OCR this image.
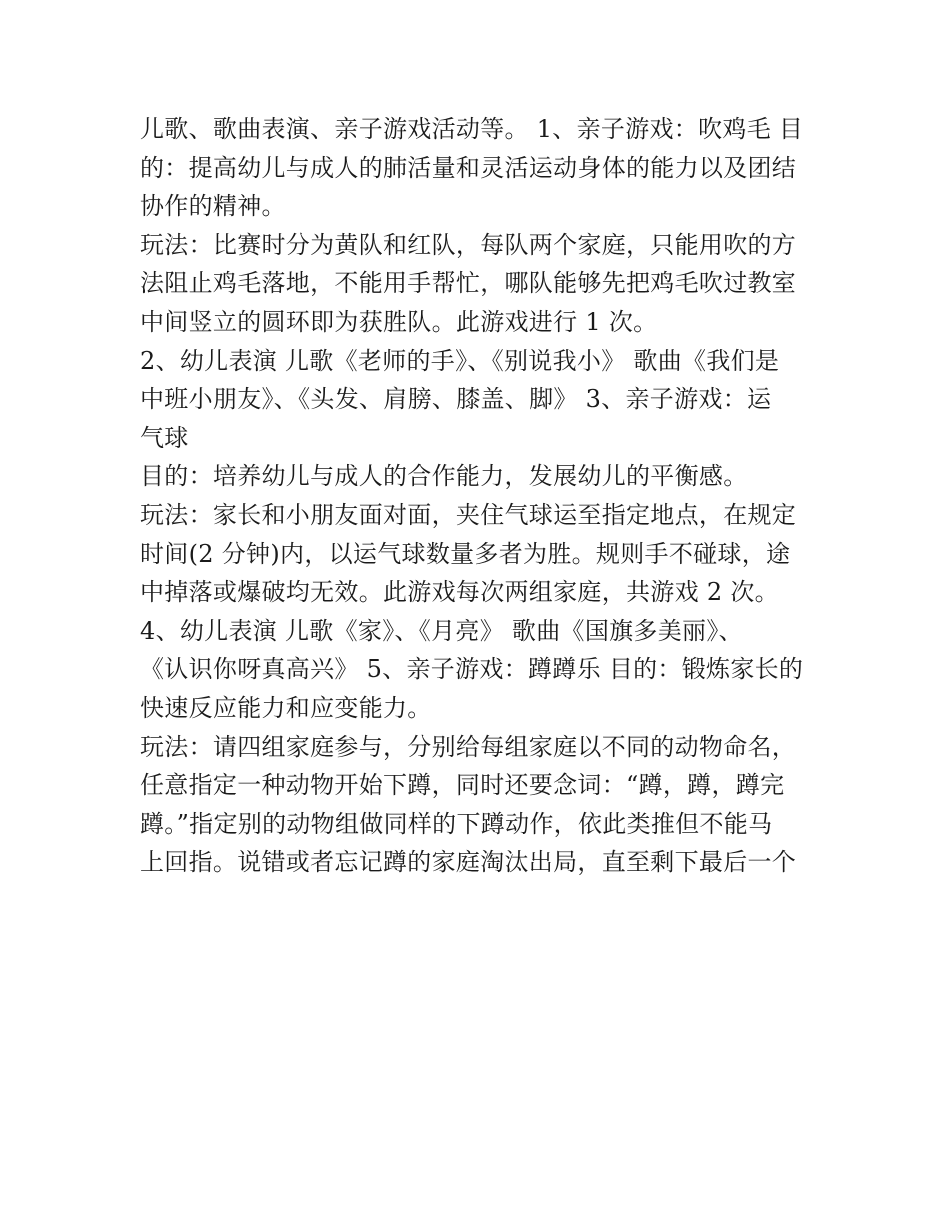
儿歌、歌曲表演、亲子游戏活动等。 1、亲子游戏：吹鸡毛 目
的：提高幼儿与成人的肺活量和灵活运动身体的能力以及团结
协作的精神。
玩法：比赛时分为黄队和红队，每队两个家庭，只能用吹的方
法阻止鸡毛落地，不能用手帮忙，哪队能够先把鸡毛吹过教室
中间竖立的圆环即为获胜队。此游戏进行 1 次。
2、幼儿表演 儿歌《老师的手》、《别说我小》 歌曲《我们是
中班小朋友》、《头发、肩膀、膝盖、脚》 3、亲子游戏：运
气球
目的：培养幼儿与成人的合作能力，发展幼儿的平衡感。
玩法：家长和小朋友面对面，夹住气球运至指定地点，在规定
时间(2 分钟)内，以运气球数量多者为胜。规则手不碰球，途
中掉落或爆破均无效。此游戏每次两组家庭，共游戏 2 次。
4、幼儿表演 儿歌《家》、《月亮》 歌曲《国旗多美丽》、
《认识你呀真高兴》 5、亲子游戏：蹲蹲乐 目的：锻炼家长的
快速反应能力和应变能力。
玩法：请四组家庭参与，分别给每组家庭以不同的动物命名，
任意指定一种动物开始下蹲，同时还要念词：“蹲，蹲，蹲完
蹲。”指定别的动物组做同样的下蹲动作，依此类推但不能马
上回指。说错或者忘记蹲的家庭淘汰出局，直至剩下最后一个
